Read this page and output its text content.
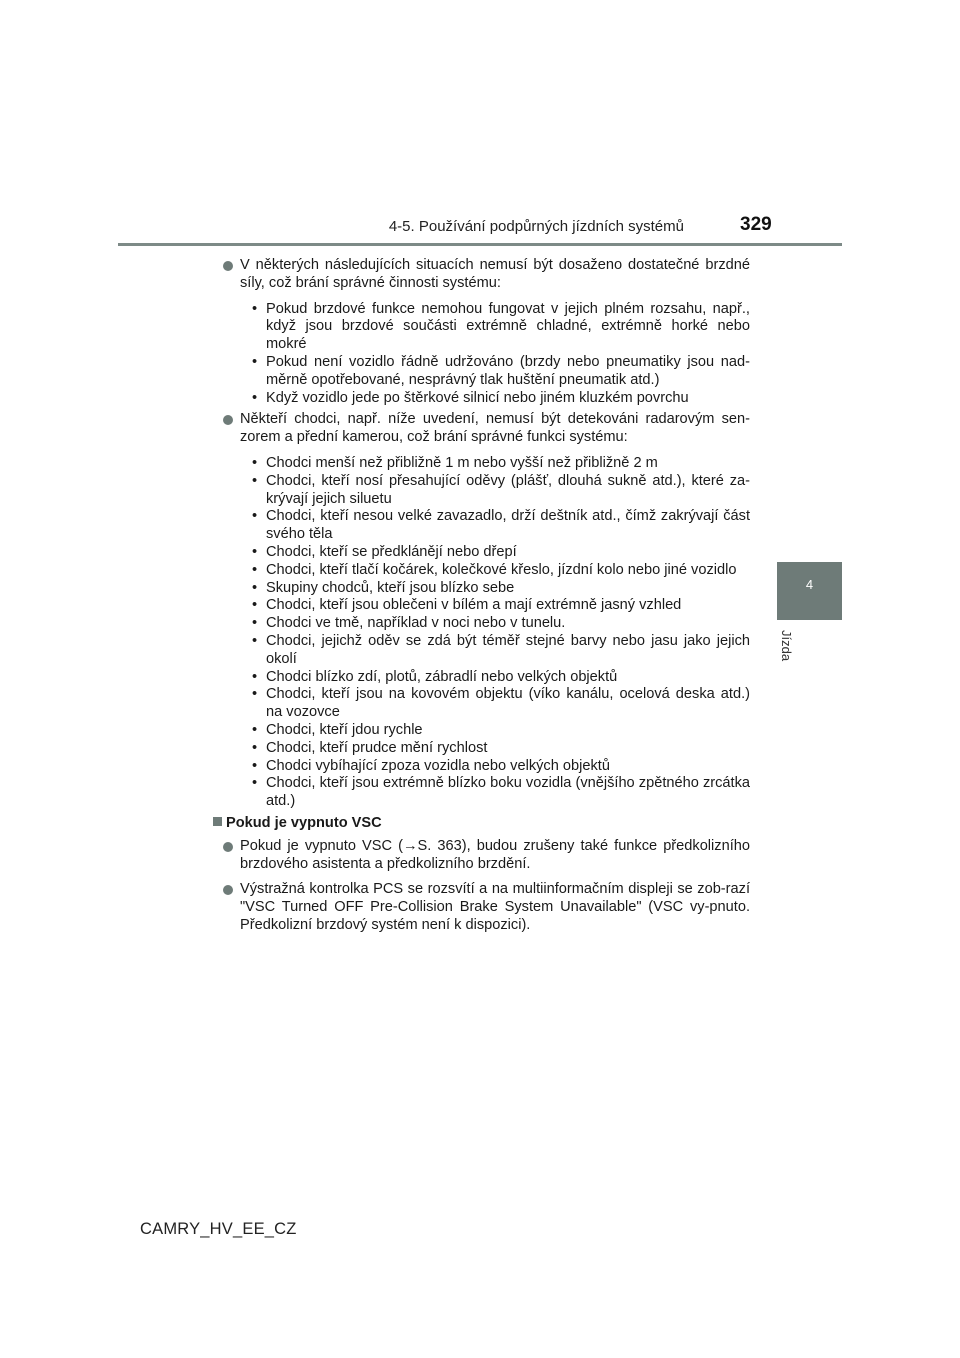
4-5. Používání podpůrných jízdních systémů	329
4
Jízda
V některých následujících situacích nemusí být dosaženo dostatečné brzdné síly, což brání správné činnosti systému:
• Pokud brzdové funkce nemohou fungovat v jejich plném rozsahu, např., když jsou brzdové součásti extrémně chladné, extrémně horké nebo mokré
• Pokud není vozidlo řádně udržováno (brzdy nebo pneumatiky jsou nad-měrně opotřebované, nesprávný tlak huštění pneumatik atd.)
• Když vozidlo jede po štěrkové silnicí nebo jiném kluzkém povrchu
Někteří chodci, např. níže uvedení, nemusí být detekováni radarovým sen-zorem a přední kamerou, což brání správné funkci systému:
• Chodci menší než přibližně 1 m nebo vyšší než přibližně 2 m
• Chodci, kteří nosí přesahující oděvy (plášť, dlouhá sukně atd.), které za-krývají jejich siluetu
• Chodci, kteří nesou velké zavazadlo, drží deštník atd., čímž zakrývají část svého těla
• Chodci, kteří se předklánějí nebo dřepí
• Chodci, kteří tlačí kočárek, kolečkové křeslo, jízdní kolo nebo jiné vozidlo
• Skupiny chodců, kteří jsou blízko sebe
• Chodci, kteří jsou oblečeni v bílém a mají extrémně jasný vzhled
• Chodci ve tmě, například v noci nebo v tunelu.
• Chodci, jejichž oděv se zdá být téměř stejné barvy nebo jasu jako jejich okolí
• Chodci blízko zdí, plotů, zábradlí nebo velkých objektů
• Chodci, kteří jsou na kovovém objektu (víko kanálu, ocelová deska atd.) na vozovce
• Chodci, kteří jdou rychle
• Chodci, kteří prudce mění rychlost
• Chodci vybíhající zpoza vozidla nebo velkých objektů
• Chodci, kteří jsou extrémně blízko boku vozidla (vnějšího zpětného zrcátka atd.)
Pokud je vypnuto VSC
Pokud je vypnuto VSC (→S. 363), budou zrušeny také funkce předkolizního brzdového asistenta a předkolizního brzdění.
Výstražná kontrolka PCS se rozsvítí a na multiinformačním displeji se zob-razí "VSC Turned OFF Pre-Collision Brake System Unavailable" (VSC vy-pnuto. Předkolizní brzdový systém není k dispozici).
CAMRY_HV_EE_CZ
